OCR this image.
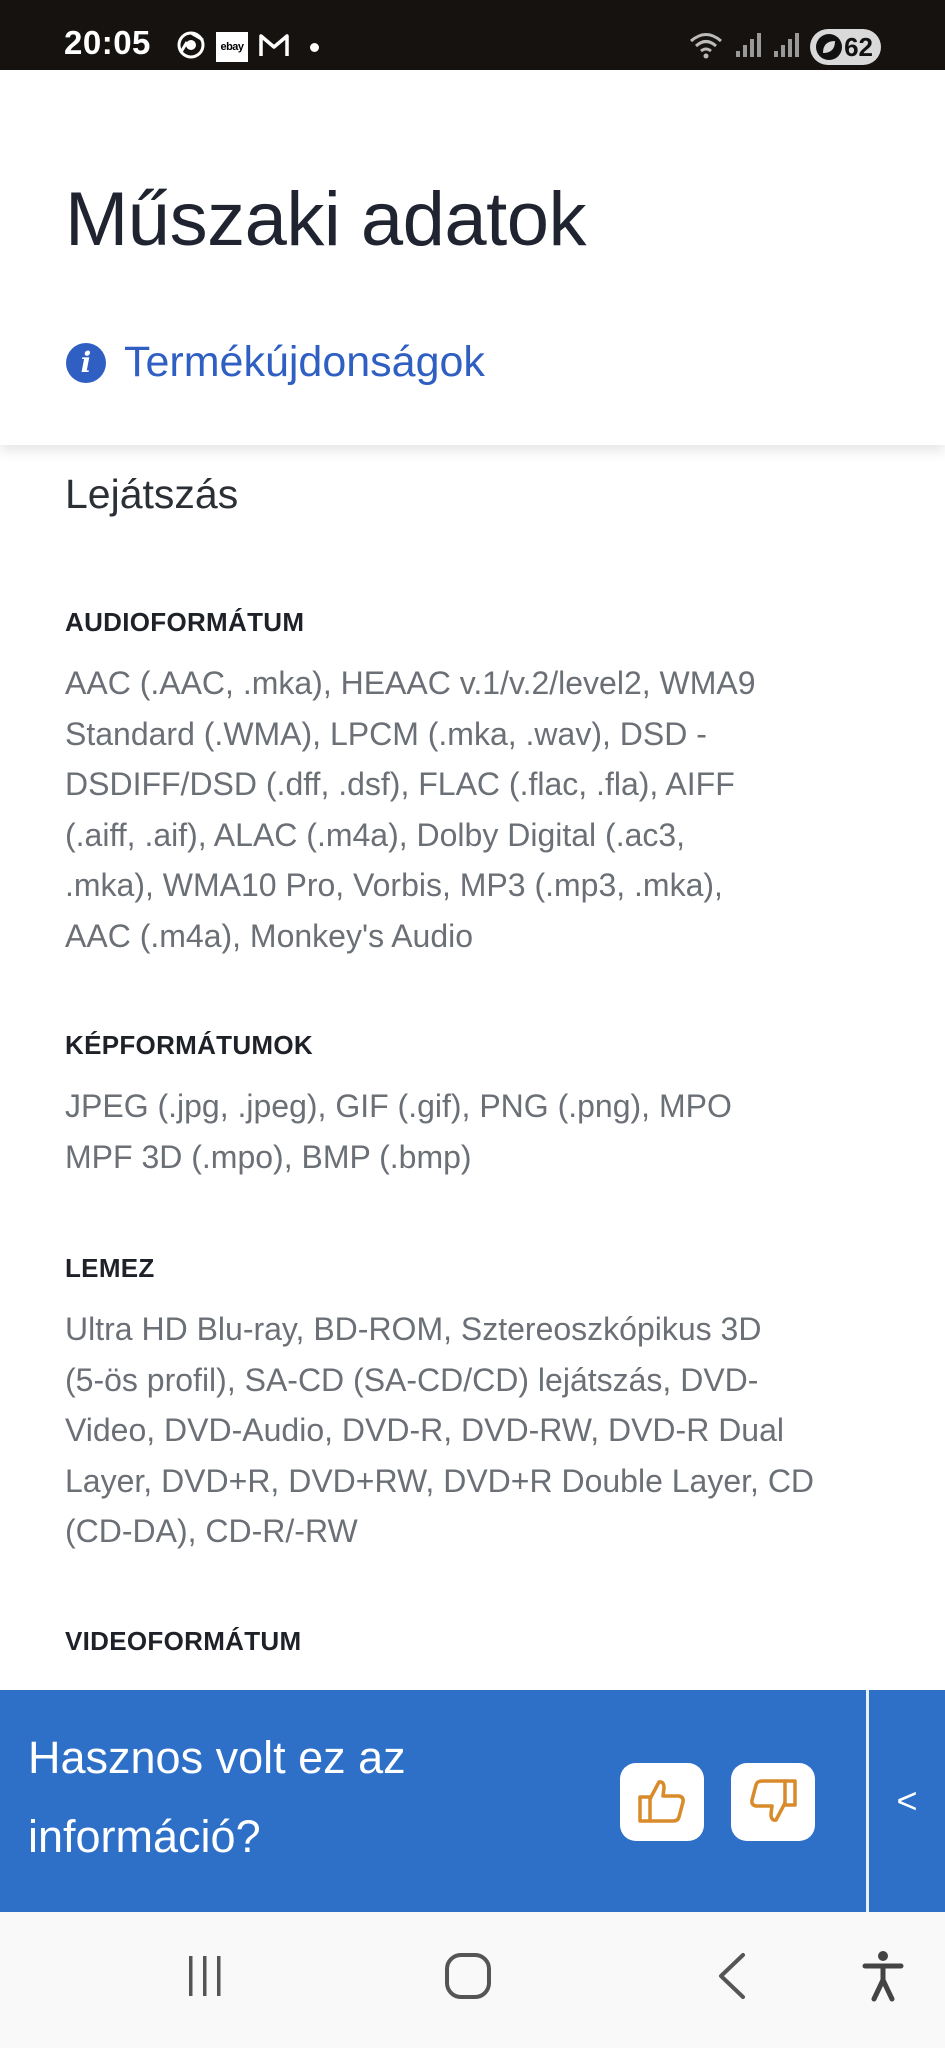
20:05	ebay	62
Műszaki adatok
i Termékújdonságok
Lejátszás
AUDIOFORMÁTUM
AAC (.AAC, .mka), HEAAC v.1/v.2/level2, WMA9
Standard (.WMA), LPCM (.mka, .wav), DSD -
DSDIFF/DSD (.dff, .dsf), FLAC (.flac, .fla), AIFF
(.aiff, .aif), ALAC (.m4a), Dolby Digital (.ac3,
.mka), WMA10 Pro, Vorbis, MP3 (.mp3, .mka),
AAC (.m4a), Monkey's Audio
KÉPFORMÁTUMOK
JPEG (.jpg, .jpeg), GIF (.gif), PNG (.png), MPO
MPF 3D (.mpo), BMP (.bmp)
LEMEZ
Ultra HD Blu-ray, BD-ROM, Sztereoszkópikus 3D
(5-ös profil), SA-CD (SA-CD/CD) lejátszás, DVD-
Video, DVD-Audio, DVD-R, DVD-RW, DVD-R Dual
Layer, DVD+R, DVD+RW, DVD+R Double Layer, CD
(CD-DA), CD-R/-RW
VIDEOFORMÁTUM
Hasznos volt ez az
információ?
<
